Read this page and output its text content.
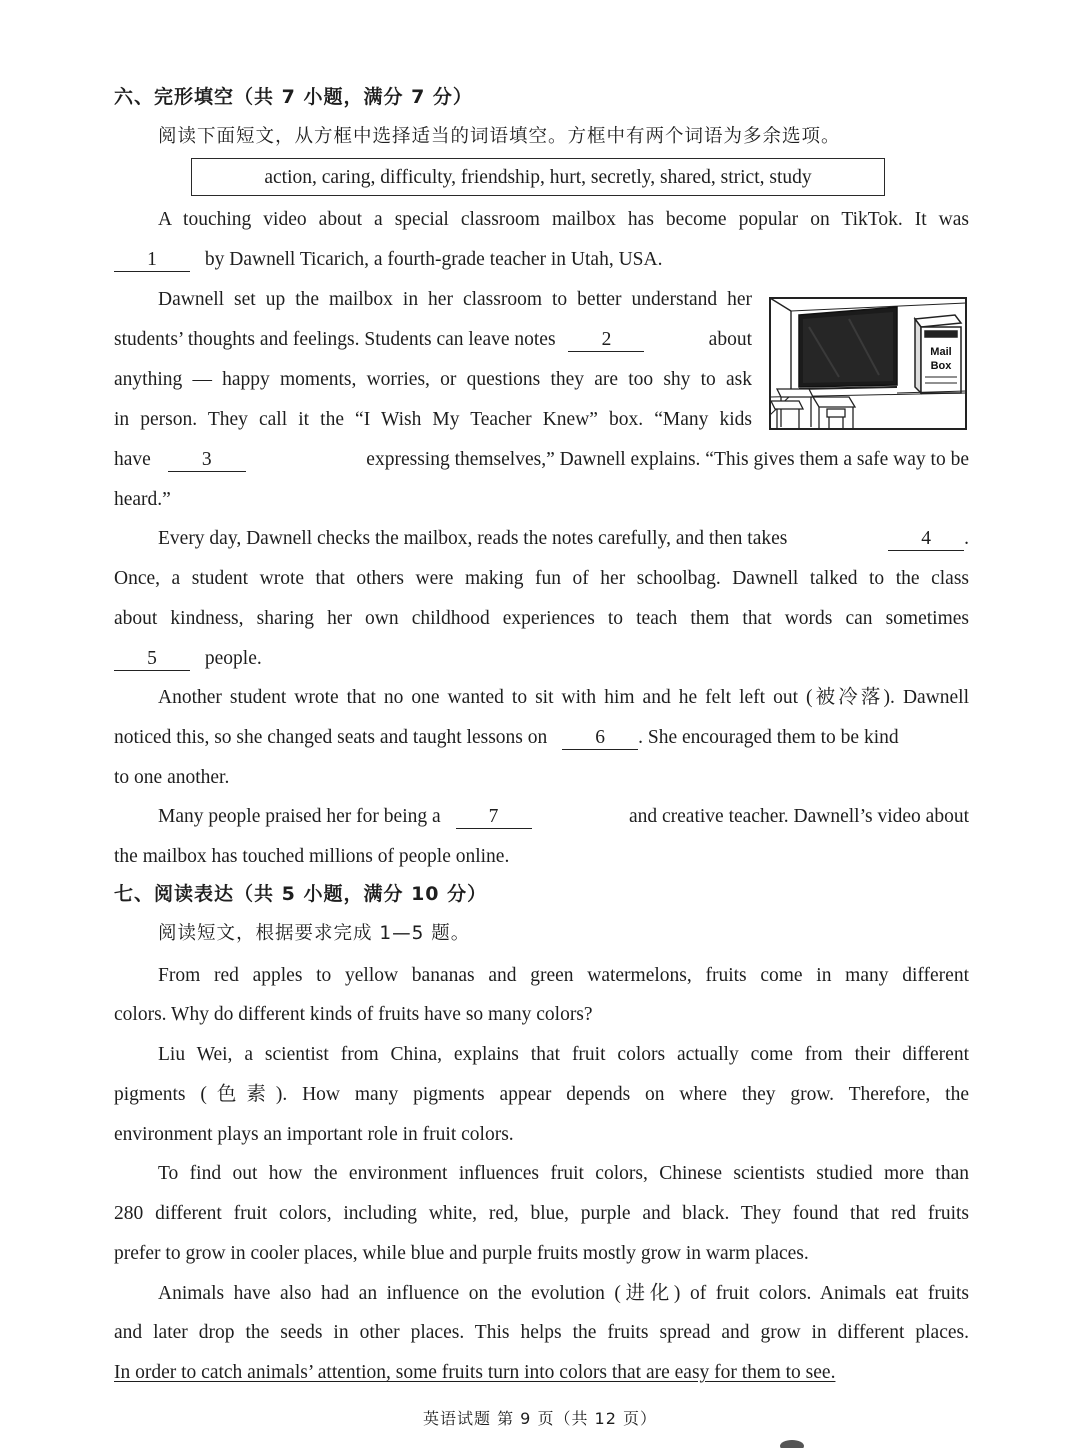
六、完形填空（共 7 小题，满分 7 分）
阅读下面短文，从方框中选择适当的词语填空。方框中有两个词语为多余选项。
action, caring, difficulty, friendship, hurt, secretly, shared, strict, study
A touching video about a special classroom mailbox has become popular on TikTok. It was
1 by Dawnell Ticarich, a fourth-grade teacher in Utah, USA.
Dawnell set up the mailbox in her classroom to better understand her
students’ thoughts and feelings. Students can leave notes 2	about
anything — happy moments, worries, or questions they are too shy to ask
in person. They call it the “I Wish My Teacher Knew” box. “Many kids
have	3	expressing themselves,” Dawnell explains. “This gives them a safe way to be
heard.”
Mail
Box
Every day, Dawnell checks the mailbox, reads the notes carefully, and then takes	4 .
Once, a student wrote that others were making fun of her schoolbag. Dawnell talked to the class
about kindness, sharing her own childhood experiences to teach them that words can sometimes
5 people.
Another student wrote that no one wanted to sit with him and he felt left out (被冷落). Dawnell
noticed this, so she changed seats and taught lessons on 6 . She encouraged them to be kind
to one another.
Many people praised her for being a 7	and creative teacher. Dawnell’s video about
the mailbox has touched millions of people online.
七、阅读表达（共 5 小题，满分 10 分）
阅读短文，根据要求完成 1—5 题。
From red apples to yellow bananas and green watermelons, fruits come in many different
colors. Why do different kinds of fruits have so many colors?
Liu Wei, a scientist from China, explains that fruit colors actually come from their different
pigments (色素). How many pigments appear depends on where they grow. Therefore, the
environment plays an important role in fruit colors.
To find out how the environment influences fruit colors, Chinese scientists studied more than
280 different fruit colors, including white, red, blue, purple and black. They found that red fruits
prefer to grow in cooler places, while blue and purple fruits mostly grow in warm places.
Animals have also had an influence on the evolution (进化) of fruit colors. Animals eat fruits
and later drop the seeds in other places. This helps the fruits spread and grow in different places.
In order to catch animals’ attention, some fruits turn into colors that are easy for them to see.
英语试题 第 9 页（共 12 页）
